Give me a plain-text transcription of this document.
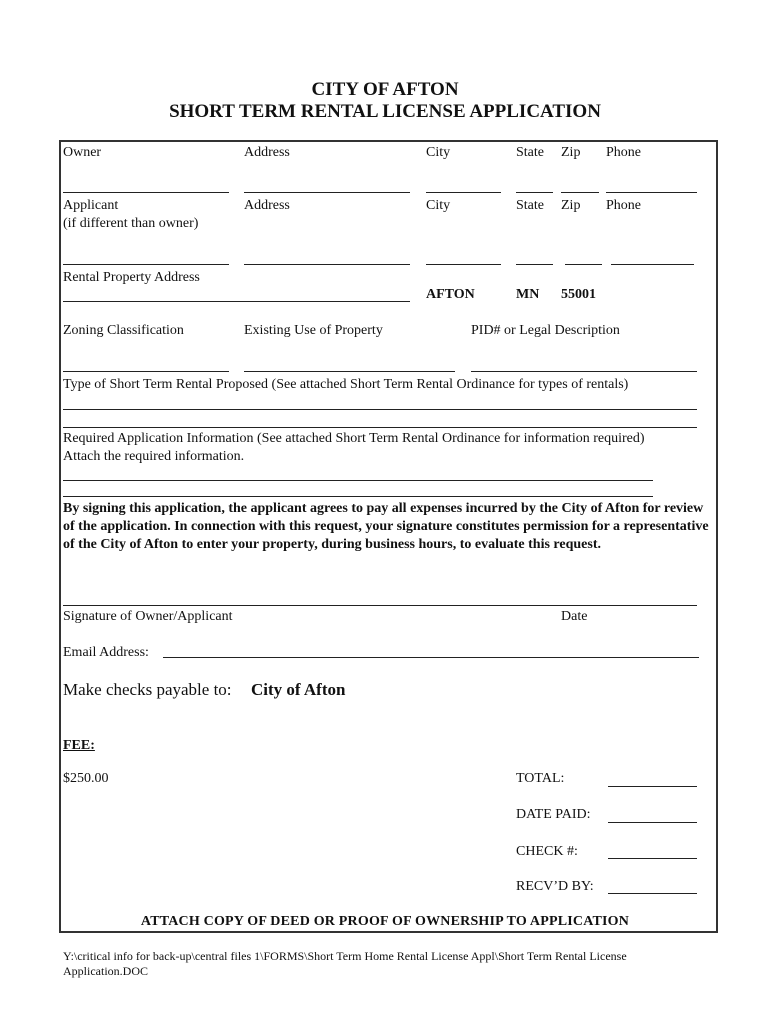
CITY OF AFTON
SHORT TERM RENTAL LICENSE APPLICATION
Owner	Address	City	State Zip Phone
Applicant
(if different than owner)
Address	City	State Zip Phone
Rental Property Address
AFTON	MN 55001
Zoning Classification	Existing Use of Property	PID# or Legal Description
Type of Short Term Rental Proposed (See attached Short Term Rental Ordinance for types of rentals)
Required Application Information (See attached Short Term Rental Ordinance for information required)
Attach the required information.
By signing this application, the applicant agrees to pay all expenses incurred by the City of Afton for review of the application. In connection with this request, your signature constitutes permission for a representative of the City of Afton to enter your property, during business hours, to evaluate this request.
Signature of Owner/Applicant	Date
Email Address:
Make checks payable to: City of Afton
FEE:
$250.00	TOTAL:
DATE PAID:
CHECK #:
RECV’D BY:
ATTACH COPY OF DEED OR PROOF OF OWNERSHIP TO APPLICATION
Y:\critical info for back-up\central files 1\FORMS\Short Term Home Rental License Appl\Short Term Rental License Application.DOC
